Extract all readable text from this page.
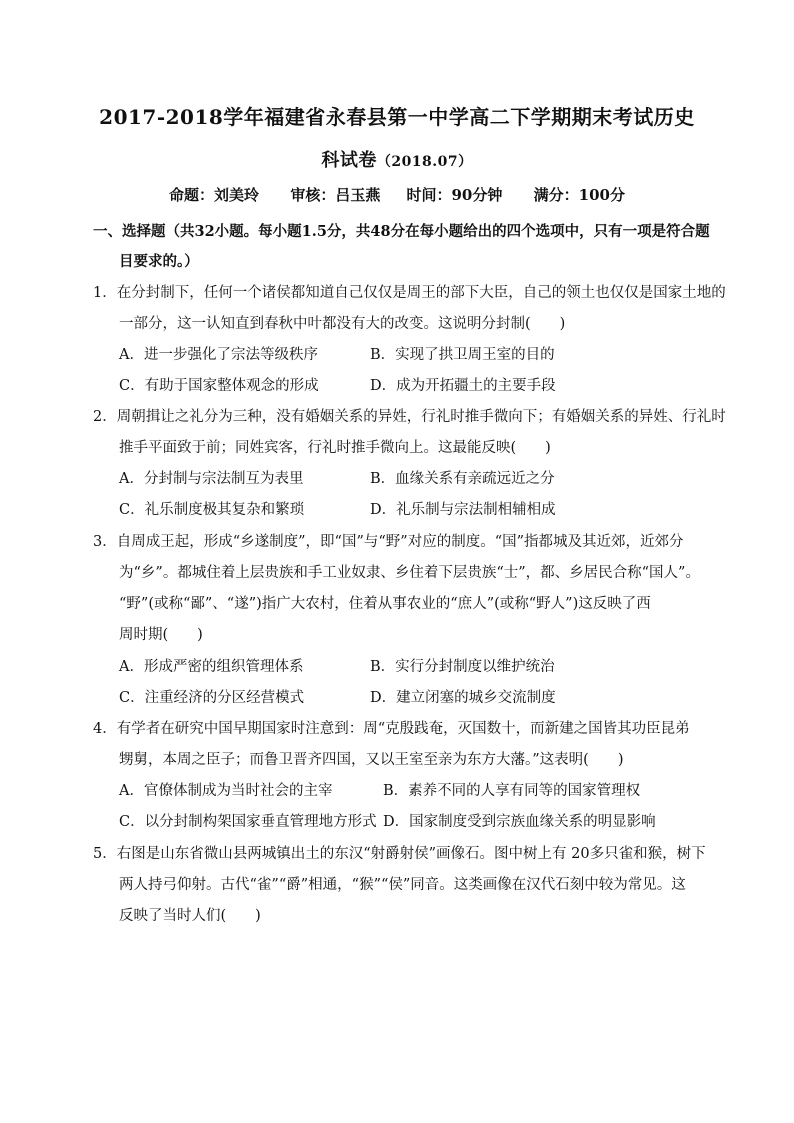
2017-2018学年福建省永春县第一中学高二下学期期末考试历史
科试卷（2018.07）
命题：刘美玲      审核：吕玉燕     时间：90分钟      满分：100分
一、选择题（共32小题。每小题1.5分，共48分在每小题给出的四个选项中，只有一项是符合题
目要求的。）
1．在分封制下，任何一个诸侯都知道自己仅仅是周王的部下大臣，自己的领土也仅仅是国家土地的
一部分，这一认知直到春秋中叶都没有大的改变。这说明分封制(　　)
A．进一步强化了宗法等级秩序	B．实现了拱卫周王室的目的
C．有助于国家整体观念的形成	D．成为开拓疆土的主要手段
2．周朝揖让之礼分为三种，没有婚姻关系的异姓，行礼时推手微向下；有婚姻关系的异姓、行礼时
推手平面致于前；同姓宾客，行礼时推手微向上。这最能反映(　　)
A．分封制与宗法制互为表里	B．血缘关系有亲疏远近之分
C．礼乐制度极其复杂和繁琐	D．礼乐制与宗法制相辅相成
3．自周成王起，形成“乡遂制度”，即“国”与“野”对应的制度。“国”指都城及其近郊，近郊分
为“乡”。都城住着上层贵族和手工业奴隶、乡住着下层贵族“士”，都、乡居民合称“国人”。
“野”(或称“鄙”、“遂”)指广大农村，住着从事农业的“庶人”(或称“野人”)这反映了西
周时期(　　)
A．形成严密的组织管理体系	B．实行分封制度以维护统治
C．注重经济的分区经营模式	D．建立闭塞的城乡交流制度
4．有学者在研究中国早期国家时注意到：周“克殷践奄，灭国数十，而新建之国皆其功臣昆弟
甥舅，本周之臣子；而鲁卫晋齐四国，又以王室至亲为东方大藩。”这表明(　　)
A．官僚体制成为当时社会的主宰	B．素养不同的人享有同等的国家管理权
C．以分封制构架国家垂直管理地方形式 D．国家制度受到宗族血缘关系的明显影响
5．右图是山东省微山县两城镇出土的东汉“射爵射侯”画像石。图中树上有 20多只雀和猴，树下
两人持弓仰射。古代“雀”“爵”相通，“猴”“侯”同音。这类画像在汉代石刻中较为常见。这
反映了当时人们(　　)
